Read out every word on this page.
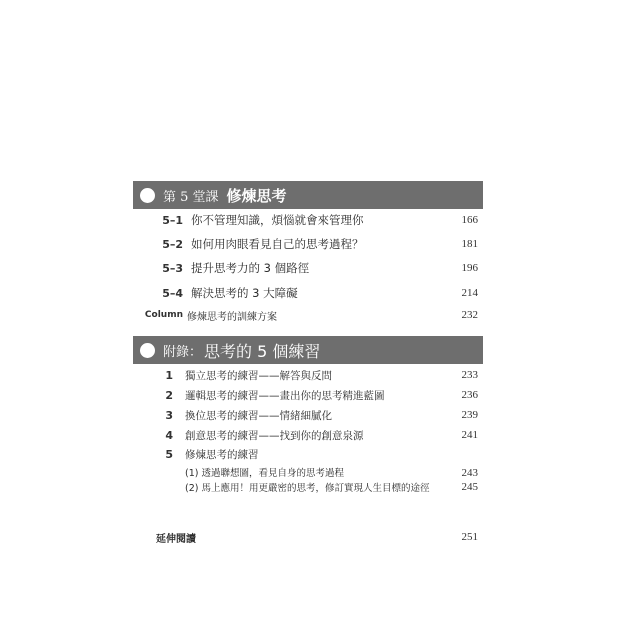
第 5 堂課 修煉思考
5–1 你不管理知識，煩惱就會來管理你	166
5–2 如何用肉眼看見自己的思考過程？	181
5–3 提升思考力的 3 個路徑	196
5–4 解決思考的 3 大障礙	214
Column 修煉思考的訓練方案	232
附錄： 思考的 5 個練習
1 獨立思考的練習——解答與反問	233
2 邏輯思考的練習——畫出你的思考精進藍圖	236
3 換位思考的練習——情緒細膩化	239
4 創意思考的練習——找到你的創意泉源	241
5 修煉思考的練習
(1) 透過聯想圖，看見自身的思考過程	243
(2) 馬上應用！用更嚴密的思考，修訂實現人生目標的途徑	245
延伸閱讀	251
